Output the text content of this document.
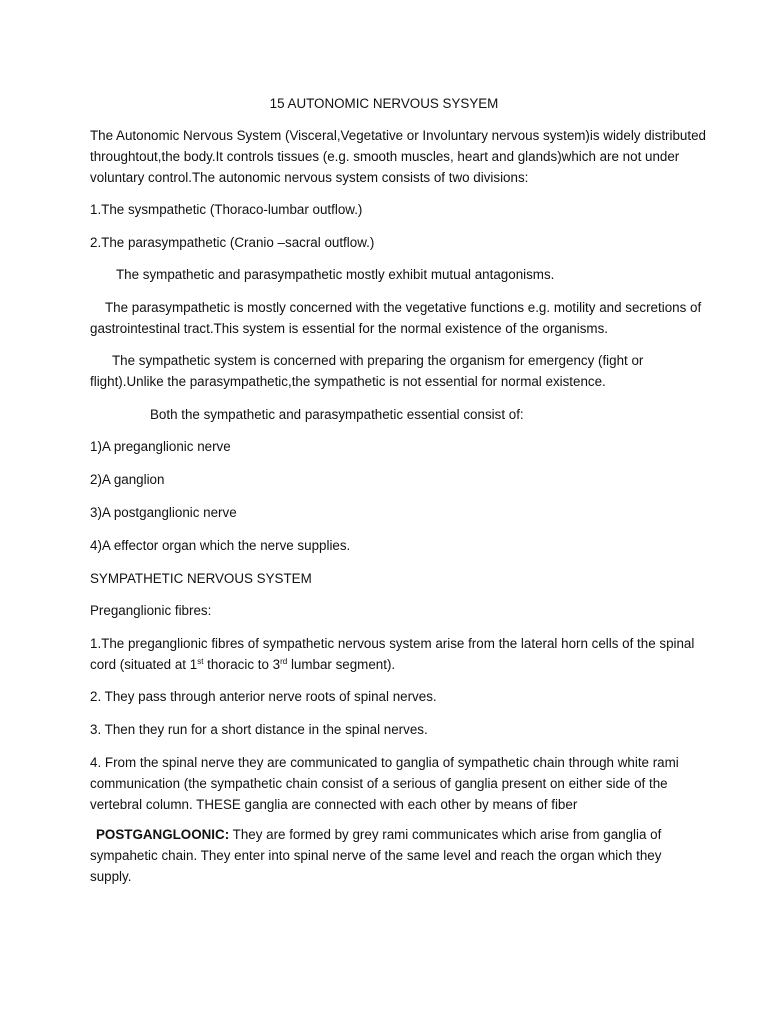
15 AUTONOMIC NERVOUS SYSYEM

The Autonomic Nervous System (Visceral,Vegetative or Involuntary nervous system)is widely distributed

throughtout,the body.It controls tissues (e.g. smooth muscles, heart and glands)which are not under

voluntary control.The autonomic nervous system consists of two divisions:

1.The sysmpathetic (Thoraco-lumbar outflow.)

2.The parasympathetic (Cranio –sacral outflow.)

The sympathetic and parasympathetic mostly exhibit mutual antagonisms.

The parasympathetic is mostly concerned with the vegetative functions e.g. motility and secretions of

gastrointestinal tract.This system is essential for the normal existence of the organisms.

The sympathetic system is concerned with preparing the organism for emergency (fight or

flight).Unlike the parasympathetic,the sympathetic is not essential for normal existence.

Both the sympathetic and parasympathetic essential consist of:

1)A preganglionic nerve

2)A ganglion

3)A postganglionic nerve

4)A effector organ which the nerve supplies.

SYMPATHETIC NERVOUS SYSTEM

Preganglionic fibres:

1.The preganglionic fibres of sympathetic nervous system arise from the lateral horn cells of the spinal

cord (situated at 1st thoracic to 3rd lumbar segment).

2. They pass through anterior nerve roots of spinal nerves.

3. Then they run for a short distance in the spinal nerves.

4. From the spinal nerve they are communicated to ganglia of sympathetic chain through white rami

communication (the sympathetic chain consist of a serious of ganglia present on either side of the

vertebral column. THESE ganglia are connected with each other by means of fiber

POSTGANGLOONIC: They are formed by grey rami communicates which arise from ganglia of

sympahetic chain. They enter into spinal nerve of the same level and reach the organ which they

supply.
